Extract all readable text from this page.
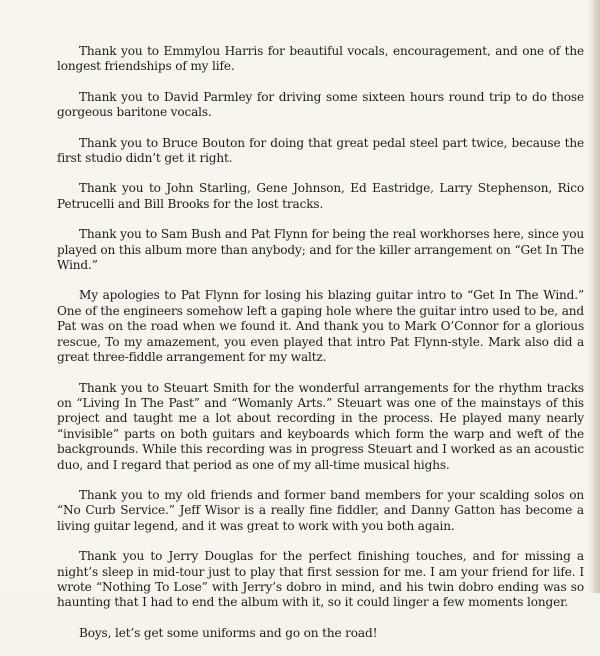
Thank you to Emmylou Harris for beautiful vocals, encouragement, and one of the longest friendships of my life.

Thank you to David Parmley for driving some sixteen hours round trip to do those gorgeous baritone vocals.

Thank you to Bruce Bouton for doing that great pedal steel part twice, because the first studio didn’t get it right.

Thank you to John Starling, Gene Johnson, Ed Eastridge, Larry Stephenson, Rico Petrucelli and Bill Brooks for the lost tracks.

Thank you to Sam Bush and Pat Flynn for being the real workhorses here, since you played on this album more than anybody; and for the killer arrangement on “Get In The Wind.”

My apologies to Pat Flynn for losing his blazing guitar intro to “Get In The Wind.” One of the engineers somehow left a gaping hole where the guitar intro used to be, and Pat was on the road when we found it. And thank you to Mark O’Connor for a glorious rescue, To my amazement, you even played that intro Pat Flynn-style. Mark also did a great three-fiddle arrangement for my waltz.

Thank you to Steuart Smith for the wonderful arrangements for the rhythm tracks on “Living In The Past” and “Womanly Arts.” Steuart was one of the mainstays of this project and taught me a lot about recording in the process. He played many nearly “invisible” parts on both guitars and keyboards which form the warp and weft of the backgrounds. While this recording was in progress Steuart and I worked as an acoustic duo, and I regard that period as one of my all-time musical highs.

Thank you to my old friends and former band members for your scalding solos on “No Curb Service.” Jeff Wisor is a really fine fiddler, and Danny Gatton has become a living guitar legend, and it was great to work with you both again.

Thank you to Jerry Douglas for the perfect finishing touches, and for missing a night’s sleep in mid-tour just to play that first session for me. I am your friend for life. I wrote “Nothing To Lose” with Jerry’s dobro in mind, and his twin dobro ending was so haunting that I had to end the album with it, so it could linger a few moments longer.

Boys, let’s get some uniforms and go on the road!
